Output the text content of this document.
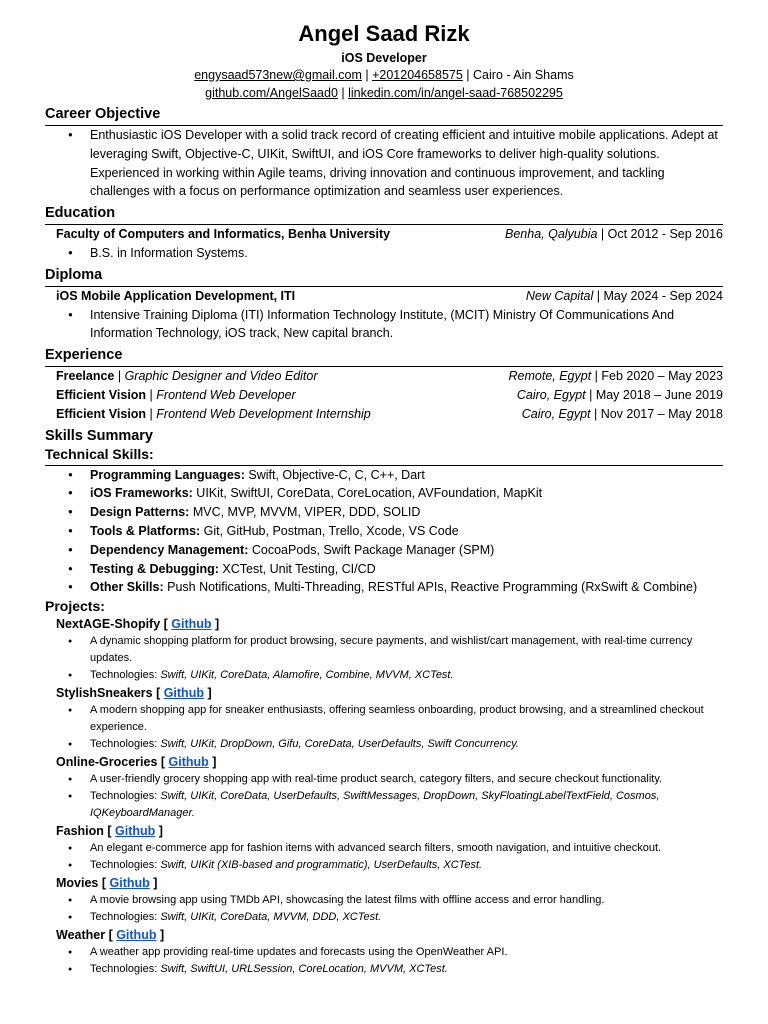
Angel Saad Rizk
iOS Developer
engysaad573new@gmail.com | +201204658575 | Cairo - Ain Shams
github.com/AngelSaad0 | linkedin.com/in/angel-saad-768502295
Career Objective
● Enthusiastic iOS Developer with a solid track record of creating efficient and intuitive mobile applications. Adept at leveraging Swift, Objective-C, UIKit, SwiftUI, and iOS Core frameworks to deliver high-quality solutions. Experienced in working within Agile teams, driving innovation and continuous improvement, and tackling challenges with a focus on performance optimization and seamless user experiences.
Education
Faculty of Computers and Informatics, Benha University	Benha, Qalyubia | Oct 2012 - Sep 2016
● B.S. in Information Systems.
Diploma
iOS Mobile Application Development, ITI	New Capital | May 2024 - Sep 2024
● Intensive Training Diploma (ITI) Information Technology Institute, (MCIT) Ministry Of Communications And Information Technology, iOS track, New capital branch.
Experience
Freelance | Graphic Designer and Video Editor	Remote, Egypt | Feb 2020 – May 2023
Efficient Vision | Frontend Web Developer	Cairo, Egypt | May 2018 – June 2019
Efficient Vision | Frontend Web Development Internship	Cairo, Egypt | Nov 2017 – May 2018
Skills Summary
Technical Skills:
● Programming Languages: Swift, Objective-C, C, C++, Dart
● iOS Frameworks: UIKit, SwiftUI, CoreData, CoreLocation, AVFoundation, MapKit
● Design Patterns: MVC, MVP, MVVM, VIPER, DDD, SOLID
● Tools & Platforms: Git, GitHub, Postman, Trello, Xcode, VS Code
● Dependency Management: CocoaPods, Swift Package Manager (SPM)
● Testing & Debugging: XCTest, Unit Testing, CI/CD
● Other Skills: Push Notifications, Multi-Threading, RESTful APIs, Reactive Programming (RxSwift & Combine)
Projects:
NextAGE-Shopify [ Github ]
● A dynamic shopping platform for product browsing, secure payments, and wishlist/cart management, with real-time currency updates.
● Technologies: Swift, UIKit, CoreData, Alamofire, Combine, MVVM, XCTest.
StylishSneakers [ Github ]
● A modern shopping app for sneaker enthusiasts, offering seamless onboarding, product browsing, and a streamlined checkout experience.
● Technologies: Swift, UIKit, DropDown, Gifu, CoreData, UserDefaults, Swift Concurrency.
Online-Groceries [ Github ]
● A user-friendly grocery shopping app with real-time product search, category filters, and secure checkout functionality.
● Technologies: Swift, UIKit, CoreData, UserDefaults, SwiftMessages, DropDown, SkyFloatingLabelTextField, Cosmos, IQKeyboardManager.
Fashion [ Github ]
● An elegant e-commerce app for fashion items with advanced search filters, smooth navigation, and intuitive checkout.
● Technologies: Swift, UIKit (XIB-based and programmatic), UserDefaults, XCTest.
Movies [ Github ]
● A movie browsing app using TMDb API, showcasing the latest films with offline access and error handling.
● Technologies: Swift, UIKit, CoreData, MVVM, DDD, XCTest.
Weather [ Github ]
● A weather app providing real-time updates and forecasts using the OpenWeather API.
● Technologies: Swift, SwiftUI, URLSession, CoreLocation, MVVM, XCTest.
